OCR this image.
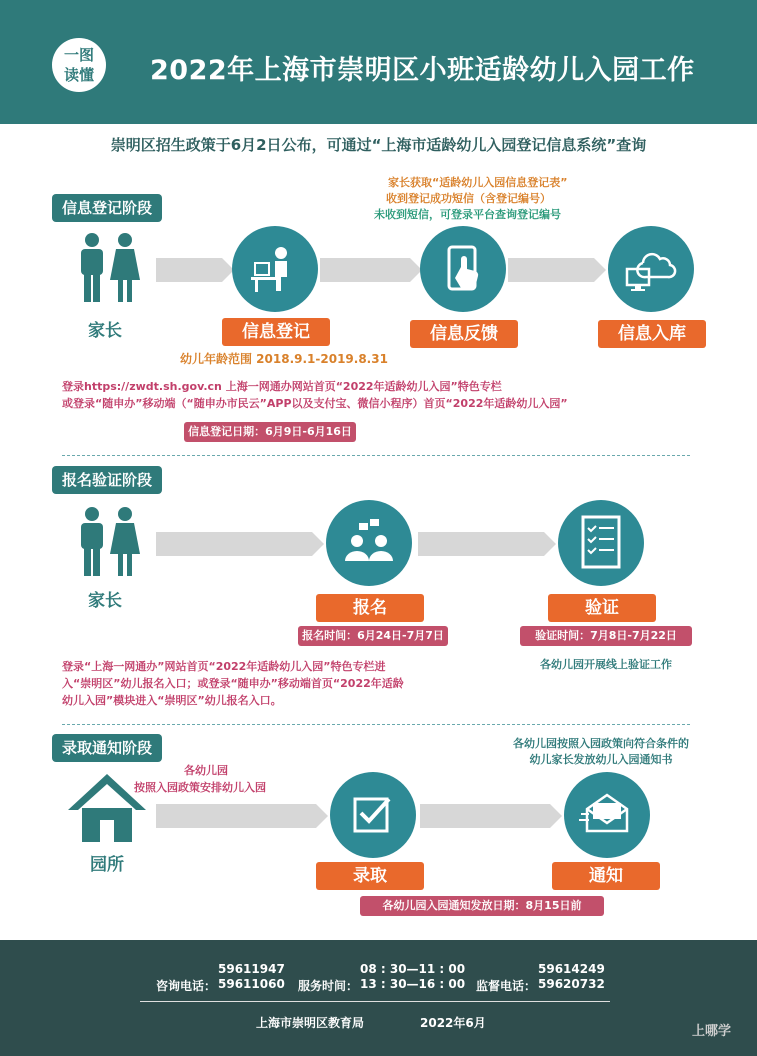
一图
读懂	2022年上海市崇明区小班适龄幼儿入园工作
崇明区招生政策于6月2日公布，可通过“上海市适龄幼儿入园登记信息系统”查询
信息登记阶段
家长
家长获取“适龄幼儿入园信息登记表”
收到登记成功短信（含登记编号）
未收到短信，可登录平台查询登记编号
信息登记	信息反馈	信息入库
幼儿年龄范围 2018.9.1-2019.8.31
登录https://zwdt.sh.gov.cn 上海一网通办网站首页“2022年适龄幼儿入园”特色专栏
或登录“随申办”移动端（“随申办市民云”APP以及支付宝、微信小程序）首页“2022年适龄幼儿入园”
信息登记日期：6月9日-6月16日
报名验证阶段
家长	报名	验证
报名时间：6月24日-7月7日	验证时间：7月8日-7月22日
各幼儿园开展线上验证工作
登录“上海一网通办”网站首页“2022年适龄幼儿入园”特色专栏进
入“崇明区”幼儿报名入口；或登录“随申办”移动端首页“2022年适龄
幼儿入园”模块进入“崇明区”幼儿报名入口。
录取通知阶段
园所
各幼儿园
按照入园政策安排幼儿入园
各幼儿园按照入园政策向符合条件的
幼儿家长发放幼儿入园通知书
录取	通知
各幼儿园入园通知发放日期：8月15日前
59611947
咨询电话： 59611060
08 : 30—11 : 00
服务时间： 13 : 30—16 : 00
59614249
监督电话： 59620732
上海市崇明区教育局	2022年6月
上哪学
